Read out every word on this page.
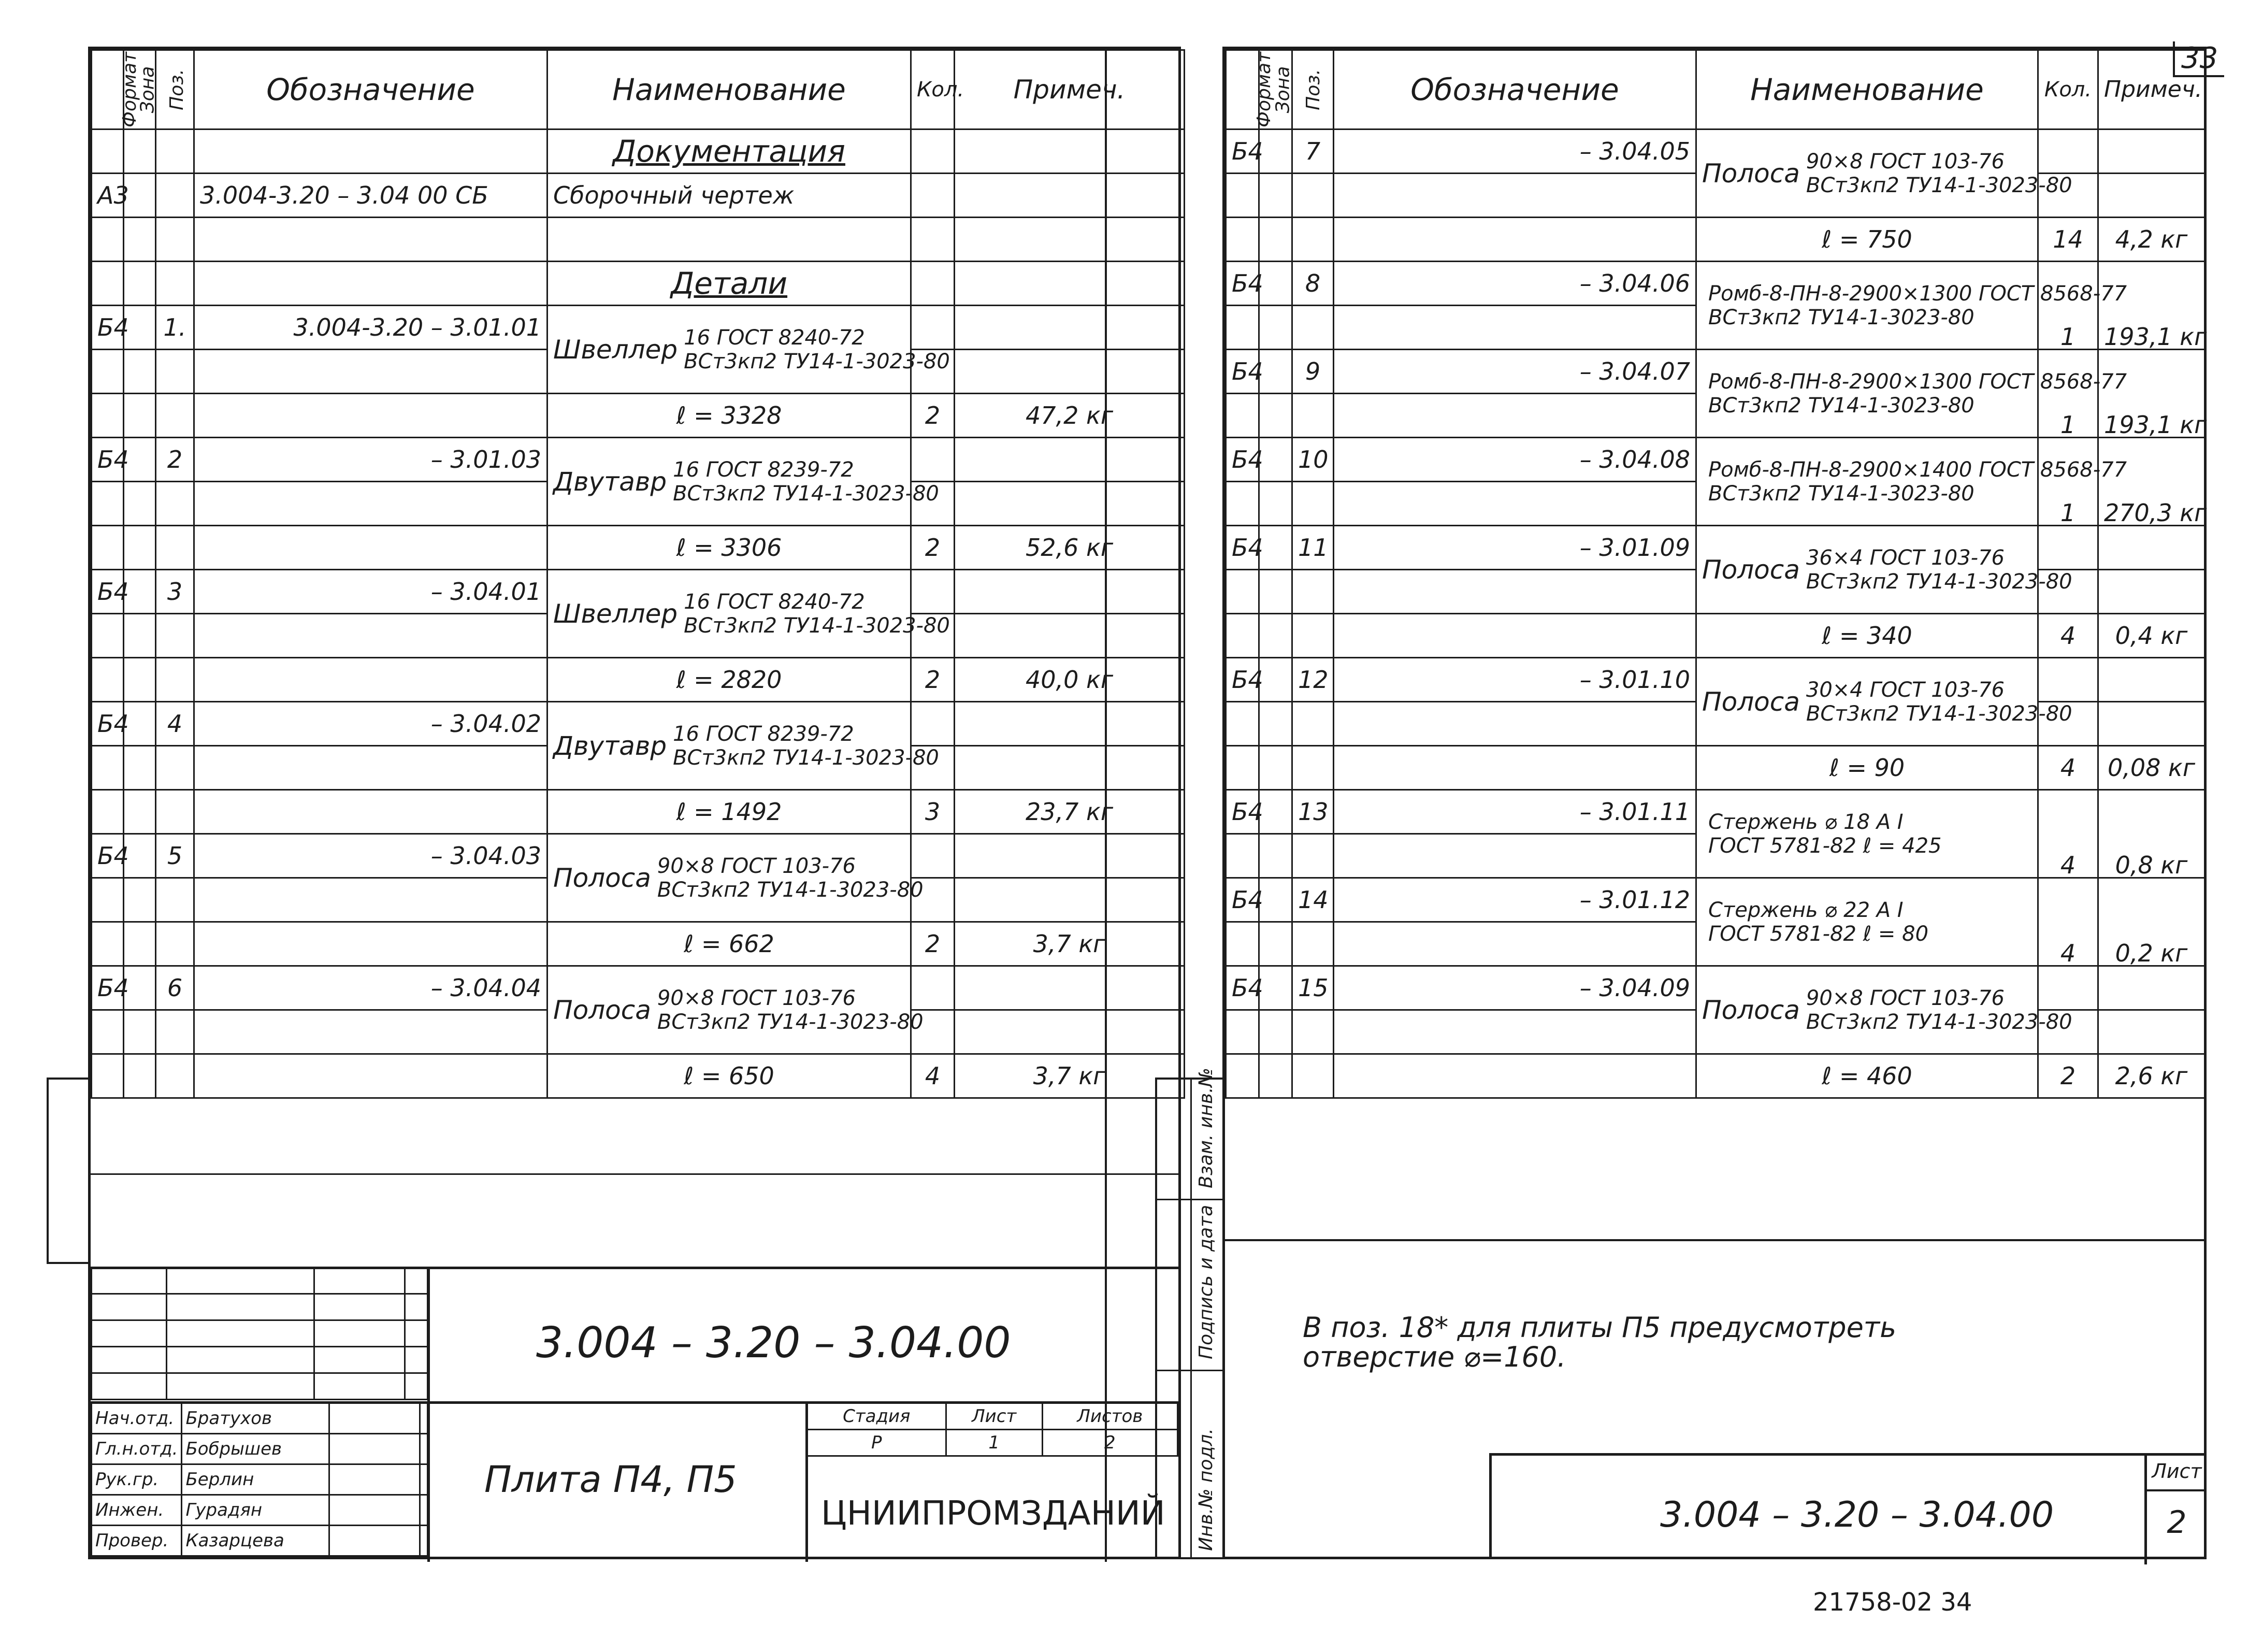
33
Формат	Зона	Поз.	Обозначение	Наименование	Кол.	Примеч.
				Документация		
А3			3.004-3.20 – 3.04 00 СБ	Сборочный чертеж		

				Детали		
Б4		1.	3.004-3.20 – 3.01.01	Швеллер 16 ГОСТ 8240-72
ВСт3кп2 ТУ14-1-3023-80		

				ℓ = 3328	2	47,2 кг
Б4		2	– 3.01.03	Двутавр 16 ГОСТ 8239-72
ВСт3кп2 ТУ14-1-3023-80		

				ℓ = 3306	2	52,6 кг
Б4		3	– 3.04.01	Швеллер 16 ГОСТ 8240-72
ВСт3кп2 ТУ14-1-3023-80		

				ℓ = 2820	2	40,0 кг
Б4		4	– 3.04.02	Двутавр 16 ГОСТ 8239-72
ВСт3кп2 ТУ14-1-3023-80		

				ℓ = 1492	3	23,7 кг
Б4		5	– 3.04.03	Полоса 90×8 ГОСТ 103-76
ВСт3кп2 ТУ14-1-3023-80		

				ℓ = 662	2	3,7 кг
Б4		6	– 3.04.04	Полоса 90×8 ГОСТ 103-76
ВСт3кп2 ТУ14-1-3023-80		

				ℓ = 650	4	3,7 кг
3.004 – 3.20 – 3.04.00
Плита П4, П5
Стадия	Лист	Листов
Р	1	2
ЦНИИПРОМЗДАНИЙ

Нач.отд.	Братухов		
Гл.н.отд.	Бобрышев		
Рук.гр.	Берлин		
Инжен.	Гурадян		
Провер.	Казарцева		
Формат	Зона	Поз.	Обозначение	Наименование	Кол.	Примеч.
Б4		7	– 3.04.05	Полоса 90×8 ГОСТ 103-76
ВСт3кп2 ТУ14-1-3023-80		

				ℓ = 750	14	4,2 кг
Б4		8	– 3.04.06	Ромб-8-ПН-8-2900×1300 ГОСТ 8568-77
ВСт3кп2 ТУ14-1-3023-80	1	193,1 кг

Б4		9	– 3.04.07	Ромб-8-ПН-8-2900×1300 ГОСТ 8568-77
ВСт3кп2 ТУ14-1-3023-80	1	193,1 кг

Б4		10	– 3.04.08	Ромб-8-ПН-8-2900×1400 ГОСТ 8568-77
ВСт3кп2 ТУ14-1-3023-80	1	270,3 кг

Б4		11	– 3.01.09	Полоса 36×4 ГОСТ 103-76
ВСт3кп2 ТУ14-1-3023-80		

				ℓ = 340	4	0,4 кг
Б4		12	– 3.01.10	Полоса 30×4 ГОСТ 103-76
ВСт3кп2 ТУ14-1-3023-80		

				ℓ = 90	4	0,08 кг
Б4		13	– 3.01.11	Стержень ⌀ 18 А I
ГОСТ 5781-82 ℓ = 425	4	0,8 кг

Б4		14	– 3.01.12	Стержень ⌀ 22 А I
ГОСТ 5781-82 ℓ = 80	4	0,2 кг

Б4		15	– 3.04.09	Полоса 90×8 ГОСТ 103-76
ВСт3кп2 ТУ14-1-3023-80		

				ℓ = 460	2	2,6 кг
В поз. 18* для плиты П5 предусмотреть
отверстие ⌀=160.
3.004 – 3.20 – 3.04.00
Лист
2
Взам. инв.№
Подпись и дата
Инв.№ подл.
21758-02 34
